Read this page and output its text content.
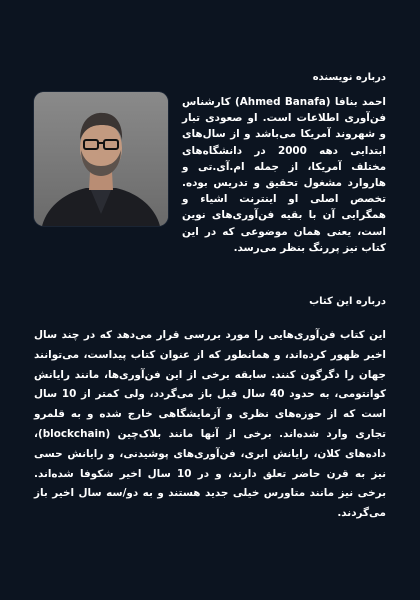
درباره نویسنده

احمد بنافا (Ahmed Banafa) کارشناس فن‌آوری اطلاعات است. او صعودی تبار و شهروند آمریکا می‌باشد و از سال‌های ابتدایی دهه 2000 در دانشگاه‌های مختلف آمریکا، از جمله ام.آی.تی و هاروارد مشغول تحقیق و تدریس بوده. تخصص اصلی او اینترنت اشیاء و همگرایی آن با بقیه فن‌آوری‌های نوین است، یعنی همان موضوعی که در این کتاب نیز پررنگ بنظر می‌رسد.

درباره این کتاب

این کتاب فن‌آوری‌هایی را مورد بررسی قرار می‌دهد که در چند سال اخیر ظهور کرده‌اند، و همانطور که از عنوان کتاب پیداست، می‌توانند جهان را دگرگون کنند. سابقه برخی از این فن‌آوری‌ها، مانند رایانش کوانتومی، به حدود 40 سال قبل باز می‌گردد، ولی کمتر از 10 سال است که از حوزه‌های نظری و آزمایشگاهی خارج شده و به قلمرو تجاری وارد شده‌اند. برخی از آنها مانند بلاک‌چین (blockchain)، داده‌های کلان، رایانش ابری، فن‌آوری‌های پوشیدنی، و رایانش حسی نیز به قرن حاضر تعلق دارند، و در 10 سال اخیر شکوفا شده‌اند. برخی نیز مانند متاورس خیلی جدید هستند و به دو/سه سال اخیر باز می‌گردند.
